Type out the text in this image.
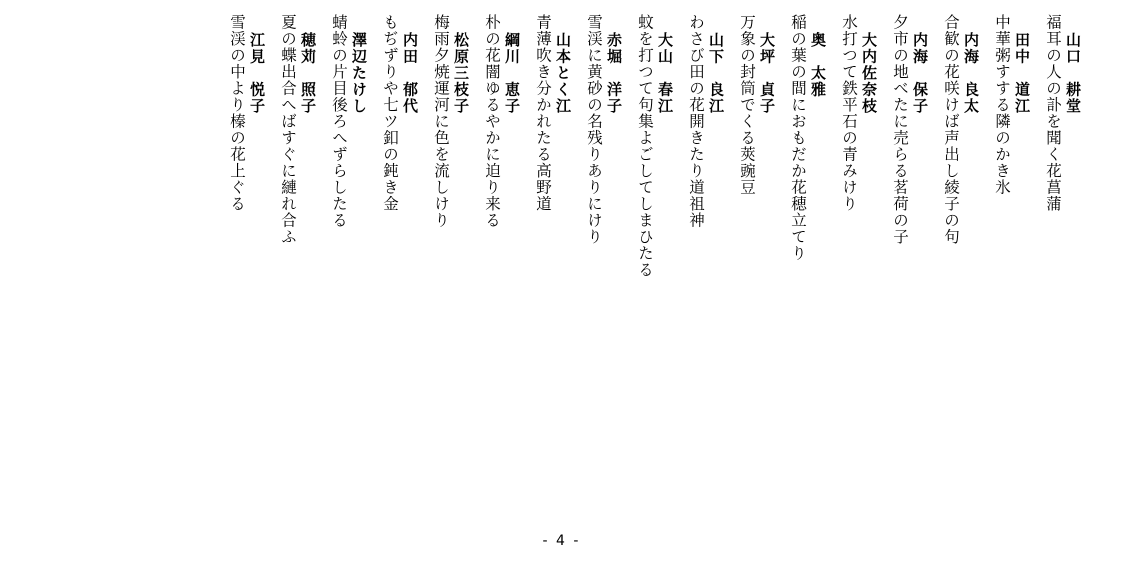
山口　耕堂
福耳の人の訃を聞く花菖蒲
田中　道江
中華粥すする隣のかき氷
内海　良太
合歓の花咲けば声出し綾子の句
内海　保子
夕市の地べたに売らる茗荷の子
大内佐奈枝
水打つて鉄平石の青みけり
奥　太雅
稲の葉の間におもだか花穂立てり
大坪　貞子
万象の封筒でくる莢豌豆
山下　良江
わさび田の花開きたり道祖神
大山　春江
蚊を打つて句集よごしてしまひたる
赤堀　洋子
雪渓に黄砂の名残りありにけり
山本とく江
青薄吹き分かれたる高野道
綱川　恵子
朴の花闇ゆるやかに迫り来る
松原三枝子
梅雨夕焼運河に色を流しけり
内田　郁代
もぢずりや七ツ釦の鈍き金
澤辺たけし
蜻蛉の片目後ろへずらしたる
穂苅　照子
夏の蝶出合へばすぐに縺れ合ふ
江見　悦子
雪渓の中より榛の花上ぐる
- 4 -
